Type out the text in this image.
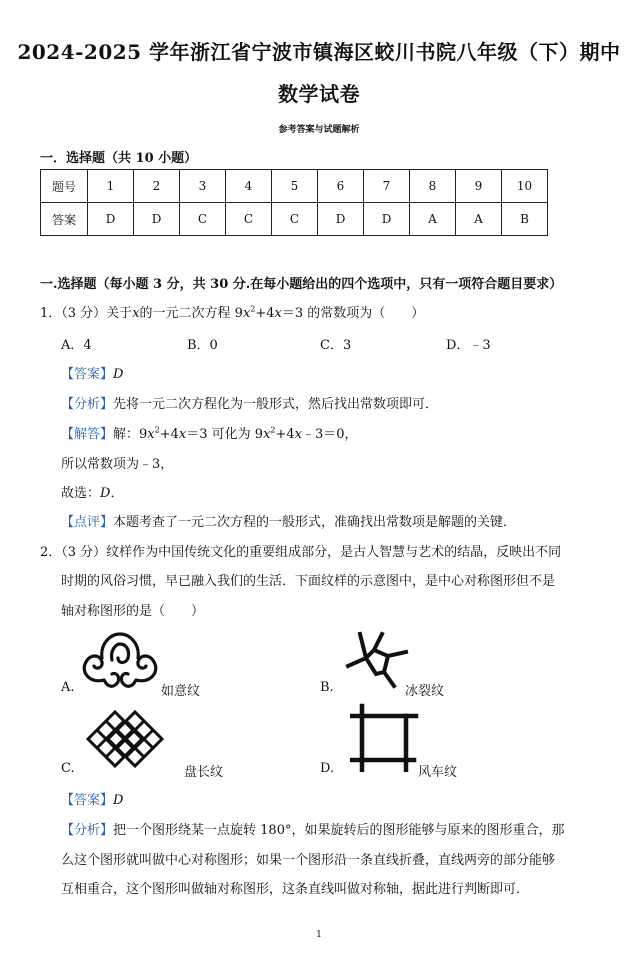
2024-2025 学年浙江省宁波市镇海区蛟川书院八年级（下）期中
数学试卷
参考答案与试题解析
一．选择题（共 10 小题）
题号	1	2	3	4	5	6	7	8	9	10
答案	D	D	C	C	C	D	D	A	A	B
一.选择题（每小题 3 分，共 30 分.在每小题给出的四个选项中，只有一项符合题目要求）
1．（3 分）关于x的一元二次方程 $9x^2+4x=3$ 的常数项为（　　）
A．4	B．0	C．3	D．﹣3
【答案】D
【分析】先将一元二次方程化为一般形式，然后找出常数项即可．
【解答】解：$9x^2+4x=3$ 可化为 $9x^2+4x﹣3=0$，
所以常数项为﹣3，
故选：D．
【点评】本题考查了一元二次方程的一般形式，准确找出常数项是解题的关键．
2．（3 分）纹样作为中国传统文化的重要组成部分，是古人智慧与艺术的结晶，反映出不同
时期的风俗习惯，早已融入我们的生活．下面纹样的示意图中，是中心对称图形但不是
轴对称图形的是（　　）
A.	如意纹	B.	冰裂纹
C.	盘长纹	D.	风车纹
【答案】D
【分析】把一个图形绕某一点旋转 180°，如果旋转后的图形能够与原来的图形重合，那
么这个图形就叫做中心对称图形；如果一个图形沿一条直线折叠，直线两旁的部分能够
互相重合，这个图形叫做轴对称图形，这条直线叫做对称轴，据此进行判断即可．
1
